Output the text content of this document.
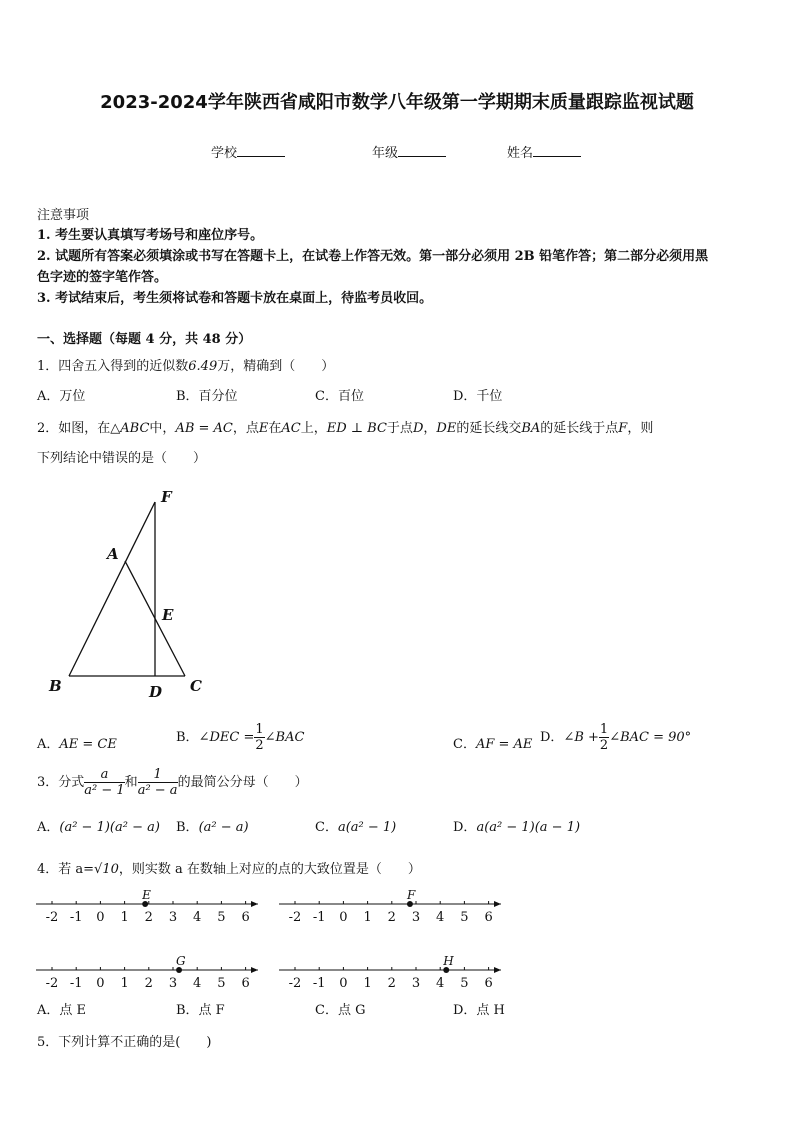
2023-2024学年陕西省咸阳市数学八年级第一学期期末质量跟踪监视试题
学校	年级	姓名
注意事项
1. 考生要认真填写考场号和座位序号。
2. 试题所有答案必须填涂或书写在答题卡上，在试卷上作答无效。第一部分必须用 2B 铅笔作答；第二部分必须用黑
色字迹的签字笔作答。
3. 考试结束后，考生须将试卷和答题卡放在桌面上，待监考员收回。
一、选择题（每题 4 分，共 48 分）
1．四舍五入得到的近似数6.49万，精确到（　　）
A．万位	B．百分位	C．百位	D．千位
2．如图，在△ABC中，AB = AC，点E在AC上，ED ⊥ BC于点D，DE的延长线交BA的延长线于点F，则
下列结论中错误的是（　　）
F
A
E
B	D C
A．AE = CE	B．∠DEC = $\frac{1}{2}$ ∠BAC	C．AF = AE D．∠B + $\frac{1}{2}$ ∠BAC = 90°
3．分式 $\frac{a}{\text{a² − 1}}$ 和 $\frac{1}{\text{a² − a}}$ 的最简公分母（　　）
A．(a² − 1)(a² − a) B．(a² − a)	C．a(a² − 1)	D．a(a² − 1)(a − 1)
4．若 a=√10，则实数 a 在数轴上对应的点的大致位置是（　　）
-2 -1 0 1 2 3 4 5 6
E
-2 -1 0 1 2 3 4 5 6
F
-2 -1 0 1 2 3 4 5 6
G
-2 -1 0 1 2 3 4 5 6
H
A．点 E	B．点 F	C．点 G	D．点 H
5．下列计算不正确的是(　　)
